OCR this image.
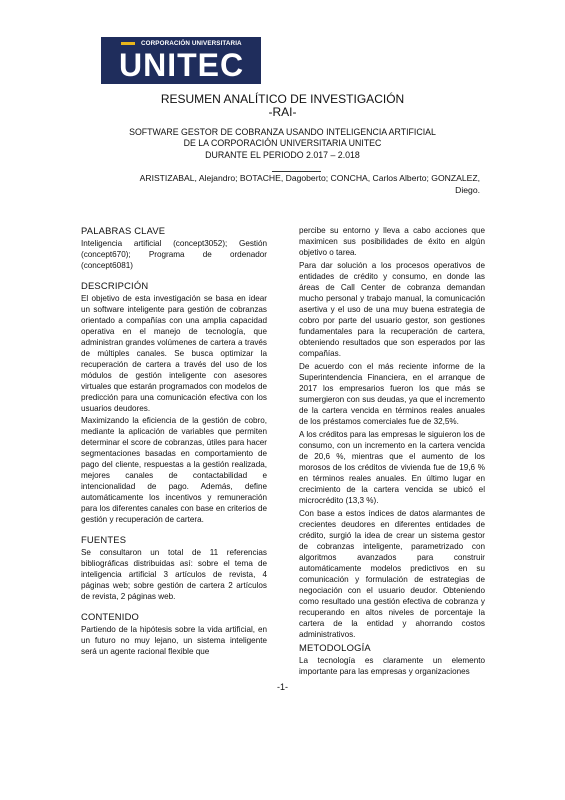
CORPORACIÓN UNIVERSITARIA
UNITEC
RESUMEN ANALÍTICO DE INVESTIGACIÓN
-RAI-
SOFTWARE GESTOR DE COBRANZA USANDO INTELIGENCIA ARTIFICIAL
DE LA CORPORACIÓN UNIVERSITARIA UNITEC
DURANTE EL PERIODO 2.017 – 2.018
ARISTIZABAL, Alejandro; BOTACHE, Dagoberto; CONCHA, Carlos Alberto; GONZALEZ, Diego.
PALABRAS CLAVE

Inteligencia artificial (concept3052); Gestión (concept670); Programa de ordenador (concept6081)

DESCRIPCIÓN

El objetivo de esta investigación se basa en idear un software inteligente para gestión de cobranzas orientado a compañías con una amplia capacidad operativa en el manejo de tecnología, que administran grandes volúmenes de cartera a través de múltiples canales. Se busca optimizar la recuperación de cartera a través del uso de los módulos de gestión inteligente con asesores virtuales que estarán programados con modelos de predicción para una comunicación efectiva con los usuarios deudores.

Maximizando la eficiencia de la gestión de cobro, mediante la aplicación de variables que permiten determinar el score de cobranzas, útiles para hacer segmentaciones basadas en comportamiento de pago del cliente, respuestas a la gestión realizada, mejores canales de contactabilidad e intencionalidad de pago. Además, define automáticamente los incentivos y remuneración para los diferentes canales con base en criterios de gestión y recuperación de cartera.

FUENTES

Se consultaron un total de 11 referencias bibliográficas distribuidas así: sobre el tema de inteligencia artificial 3 artículos de revista, 4 páginas web; sobre gestión de cartera 2 artículos de revista, 2 páginas web.

CONTENIDO

Partiendo de la hipótesis sobre la vida artificial, en un futuro no muy lejano, un sistema inteligente será un agente racional flexible que

percibe su entorno y lleva a cabo acciones que maximicen sus posibilidades de éxito en algún objetivo o tarea.

Para dar solución a los procesos operativos de entidades de crédito y consumo, en donde las áreas de Call Center de cobranza demandan mucho personal y trabajo manual, la comunicación asertiva y el uso de una muy buena estrategia de cobro por parte del usuario gestor, son gestiones fundamentales para la recuperación de cartera, obteniendo resultados que son esperados por las compañías.

De acuerdo con el más reciente informe de la Superintendencia Financiera, en el arranque de 2017 los empresarios fueron los que más se sumergieron con sus deudas, ya que el incremento de la cartera vencida en términos reales anuales de los préstamos comerciales fue de 32,5%.

A los créditos para las empresas le siguieron los de consumo, con un incremento en la cartera vencida de 20,6 %, mientras que el aumento de los morosos de los créditos de vivienda fue de 19,6 % en términos reales anuales. En último lugar en crecimiento de la cartera vencida se ubicó el microcrédito (13,3 %).

Con base a estos índices de datos alarmantes de crecientes deudores en diferentes entidades de crédito, surgió la idea de crear un sistema gestor de cobranzas inteligente, parametrizado con algoritmos avanzados para construir automáticamente modelos predictivos en su comunicación y formulación de estrategias de negociación con el usuario deudor. Obteniendo como resultado una gestión efectiva de cobranza y recuperando en altos niveles de porcentaje la cartera de la entidad y ahorrando costos administrativos.

METODOLOGÍA

La tecnología es claramente un elemento importante para las empresas y organizaciones

-1-
